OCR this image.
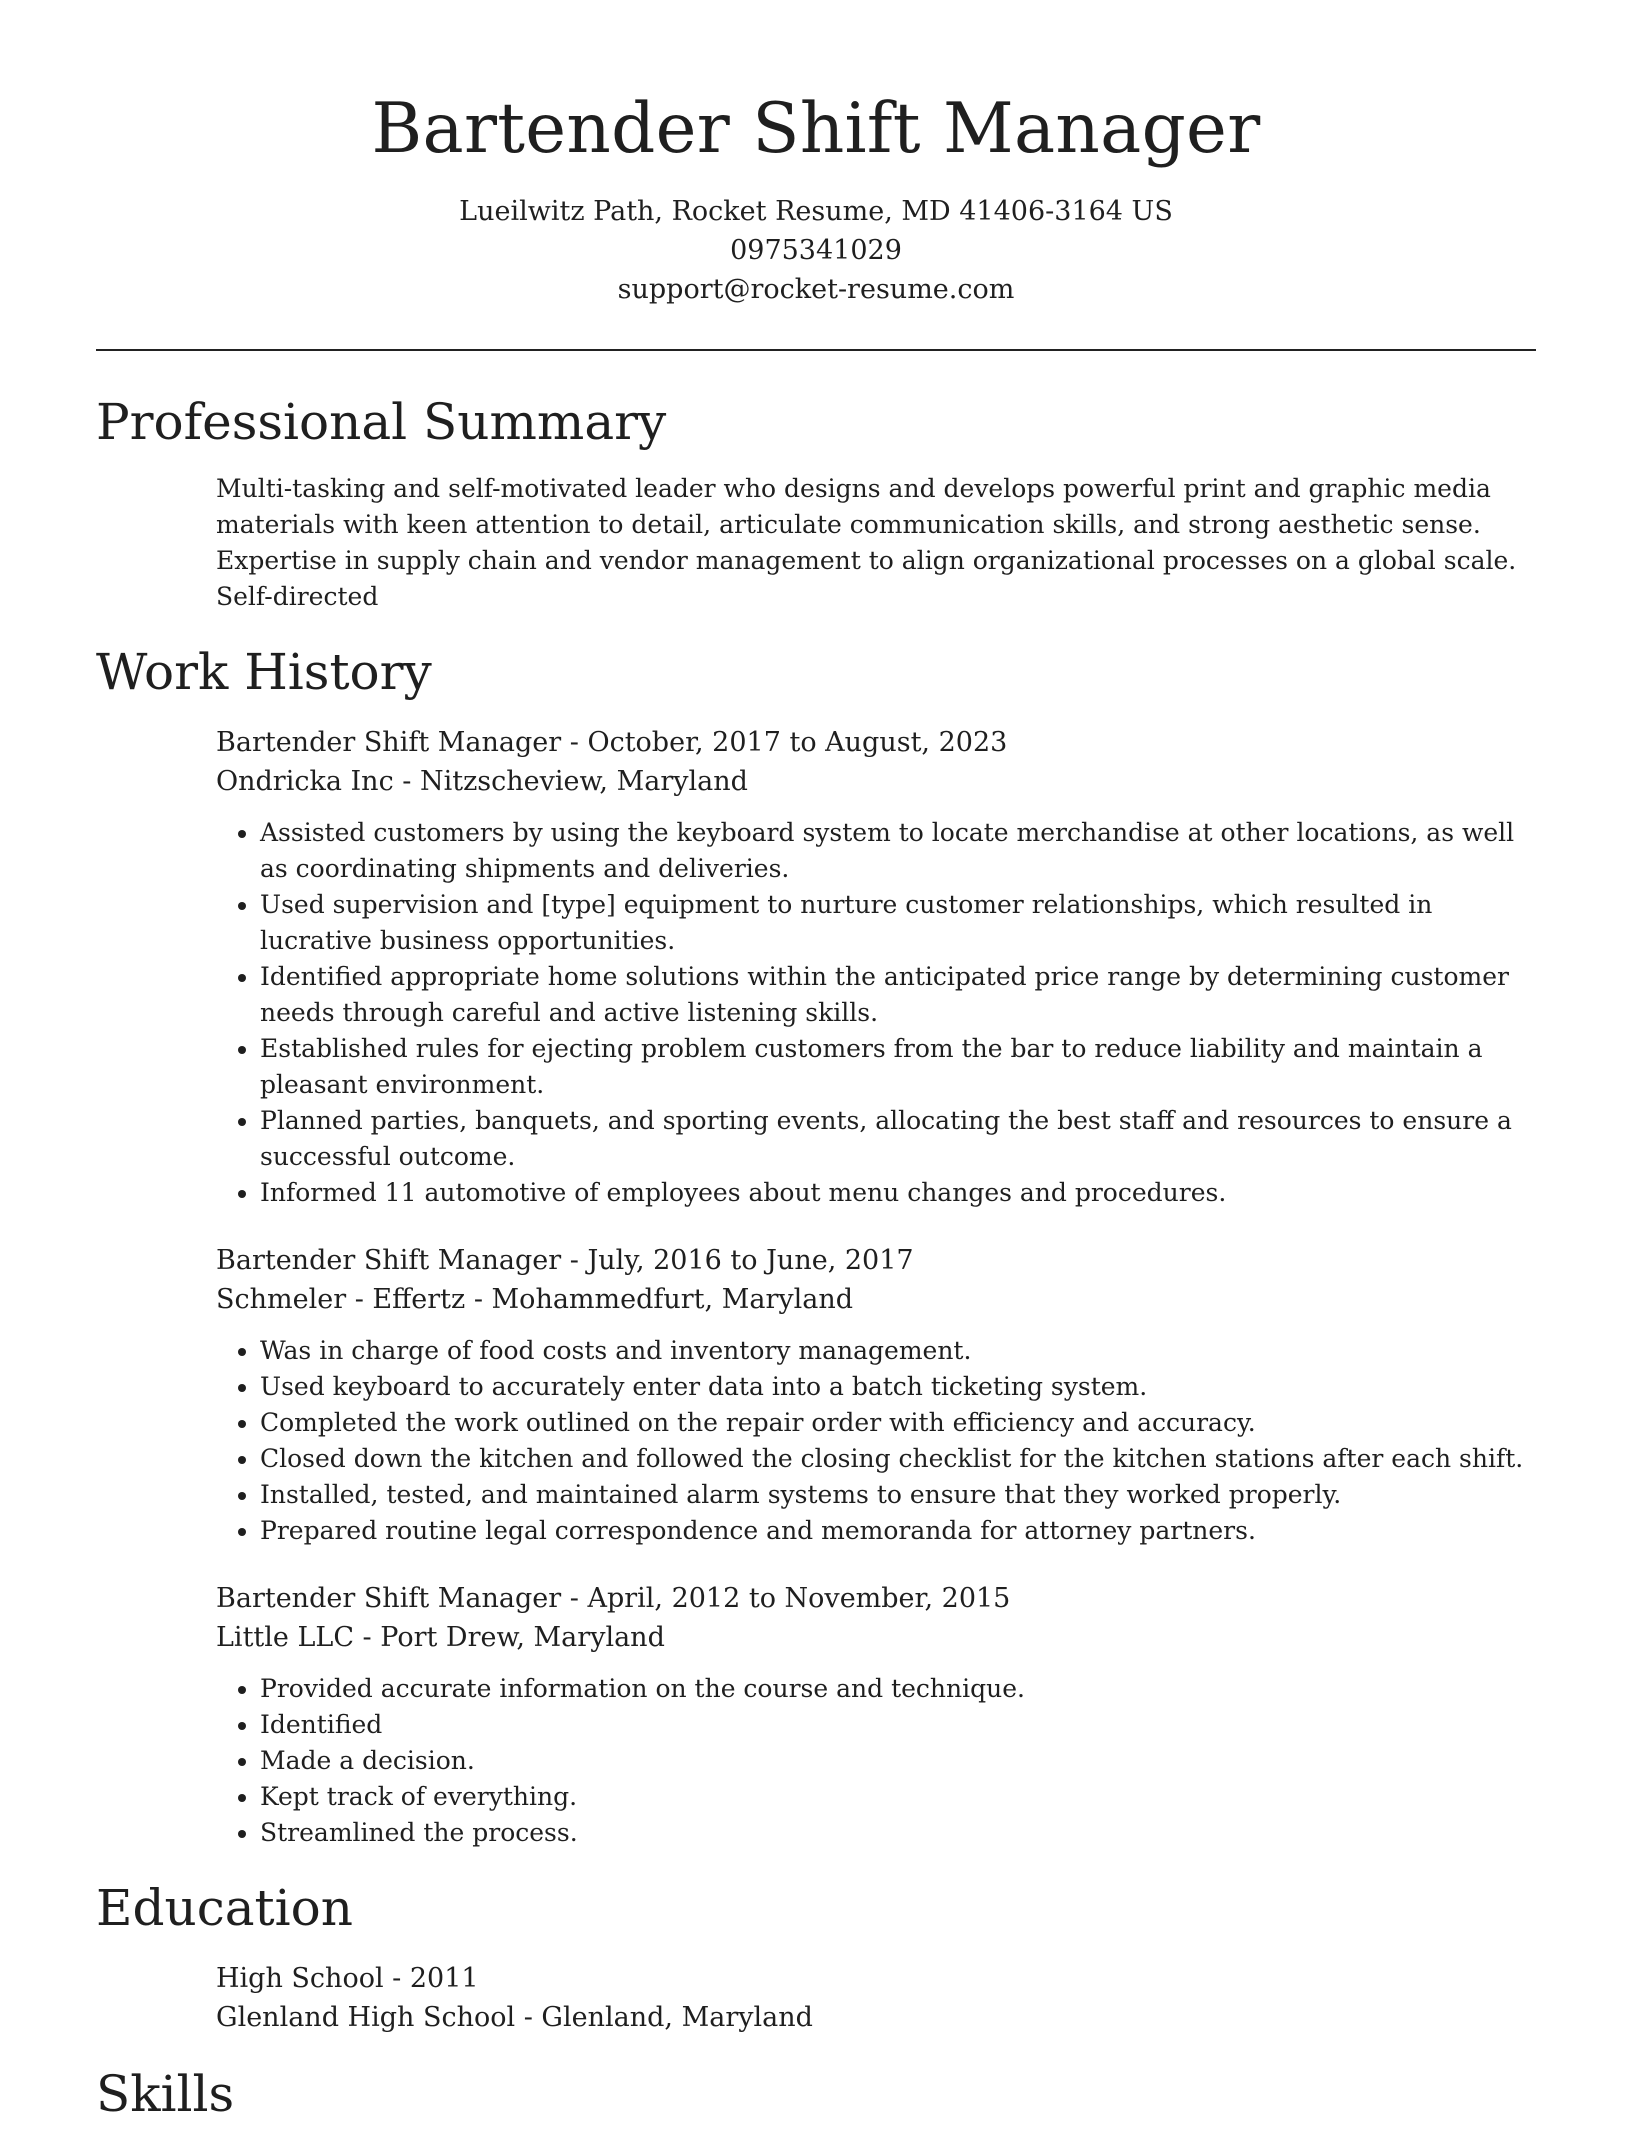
Bartender Shift Manager
Lueilwitz Path, Rocket Resume, MD 41406-3164 US
0975341029
support@rocket-resume.com
Professional Summary
Multi-tasking and self-motivated leader who designs and develops powerful print and graphic media materials with keen attention to detail, articulate communication skills, and strong aesthetic sense. Expertise in supply chain and vendor management to align organizational processes on a global scale. Self-directed
Work History
Bartender Shift Manager - October, 2017 to August, 2023
Ondricka Inc - Nitzscheview, Maryland
• Assisted customers by using the keyboard system to locate merchandise at other locations, as well as coordinating shipments and deliveries.
• Used supervision and [type] equipment to nurture customer relationships, which resulted in lucrative business opportunities.
• Identified appropriate home solutions within the anticipated price range by determining customer needs through careful and active listening skills.
• Established rules for ejecting problem customers from the bar to reduce liability and maintain a pleasant environment.
• Planned parties, banquets, and sporting events, allocating the best staff and resources to ensure a successful outcome.
• Informed 11 automotive of employees about menu changes and procedures.
Bartender Shift Manager - July, 2016 to June, 2017
Schmeler - Effertz - Mohammedfurt, Maryland
• Was in charge of food costs and inventory management.
• Used keyboard to accurately enter data into a batch ticketing system.
• Completed the work outlined on the repair order with efficiency and accuracy.
• Closed down the kitchen and followed the closing checklist for the kitchen stations after each shift.
• Installed, tested, and maintained alarm systems to ensure that they worked properly.
• Prepared routine legal correspondence and memoranda for attorney partners.
Bartender Shift Manager - April, 2012 to November, 2015
Little LLC - Port Drew, Maryland
• Provided accurate information on the course and technique.
• Identified
• Made a decision.
• Kept track of everything.
• Streamlined the process.
Education
High School - 2011
Glenland High School - Glenland, Maryland
Skills
